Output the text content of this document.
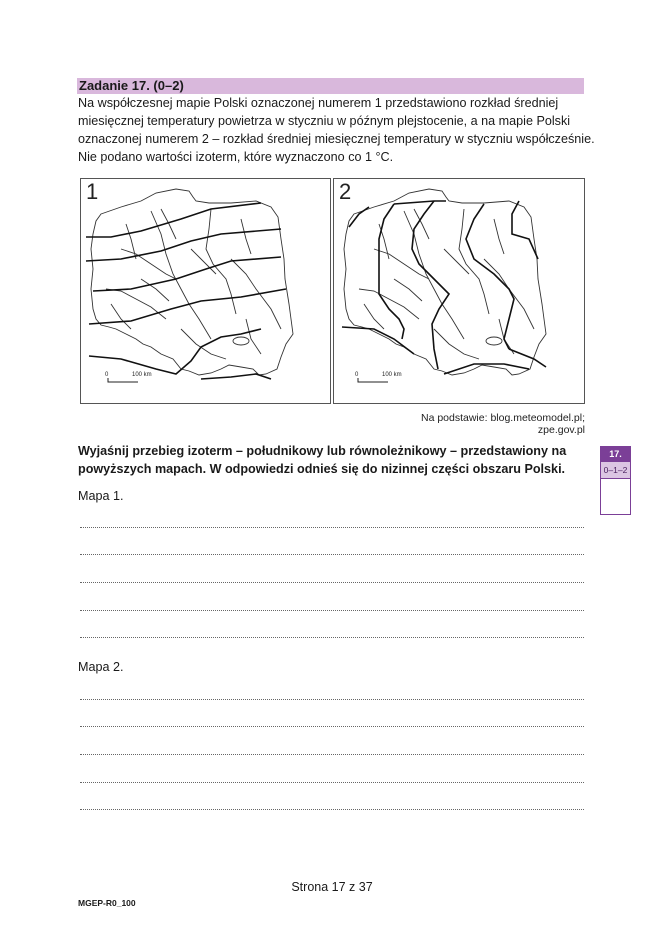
Zadanie 17. (0–2)
Na współczesnej mapie Polski oznaczonej numerem 1 przedstawiono rozkład średniej
miesięcznej temperatury powietrza w styczniu w późnym plejstocenie, a na mapie Polski
oznaczonej numerem 2 – rozkład średniej miesięcznej temperatury w styczniu współcześnie.
Nie podano wartości izoterm, które wyznaczono co 1 °C.
0	100 km
1
0	100 km
2
Na podstawie: blog.meteomodel.pl; zpe.gov.pl
Wyjaśnij przebieg izoterm – południkowy lub równoleżnikowy – przedstawiony na
powyższych mapach. W odpowiedzi odnieś się do nizinnej części obszaru Polski.
Mapa 1.
Mapa 2.
17.
0–1–2
Strona 17 z 37
MGEP-R0_100
